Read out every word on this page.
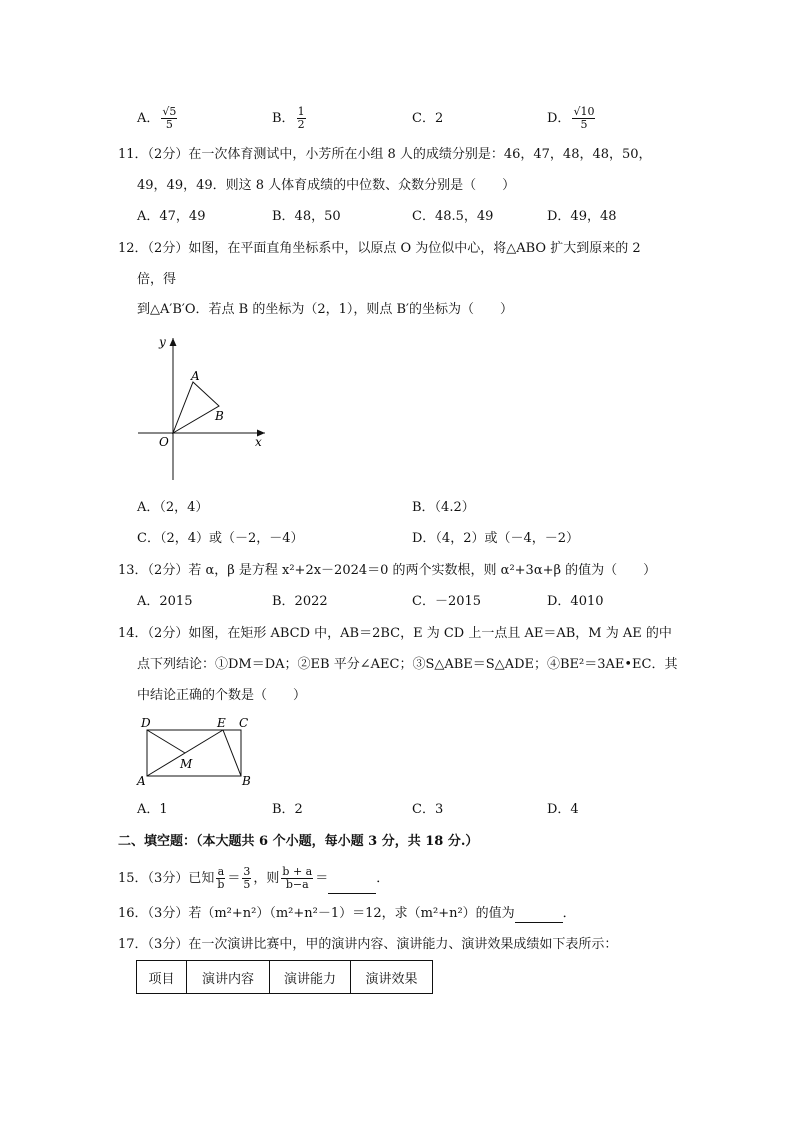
A． $\frac{√5}{5}$	B． $\frac{1}{2}$	C．2	D． $\frac{√10}{5}$
11．（2分）在一次体育测试中，小芳所在小组 8 人的成绩分别是：46，47，48，48，50，
49，49，49．则这 8 人体育成绩的中位数、众数分别是（　　）
A．47，49	B．48，50	C．48.5，49	D．49，48
12．（2分）如图，在平面直角坐标系中，以原点 O 为位似中心，将△ABO 扩大到原来的 2
倍，得
到△A′B′O．若点 B 的坐标为（2，1），则点 B′的坐标为（　　）
y
x
O
A
B
A．（2，4）	B．（4.2）
C．（2，4）或（－2，－4）	D．（4，2）或（－4，－2）
13．（2分）若 α，β 是方程 x²+2x－2024＝0 的两个实数根，则 α²+3α+β 的值为（　　）
A．2015	B．2022	C．－2015	D．4010
14．（2分）如图，在矩形 ABCD 中，AB＝2BC，E 为 CD 上一点且 AE＝AB，M 为 AE 的中
点下列结论：①DM＝DA；②EB 平分∠AEC；③S△ABE＝S△ADE；④BE²＝3AE•EC．其
中结论正确的个数是（　　）
D	E C
M
A	B
A．1	B．2	C．3	D．4
二、填空题：（本大题共 6 个小题，每小题 3 分，共 18 分.）
15．（3分）已知 $\frac{a}{b} = \frac{3}{5}$ ，则 $\frac{b + a}{b-a}$ ＝	．
16．（3分）若（m²+n²）（m²+n²－1）＝12，求（m²+n²）的值为	．
17．（3分）在一次演讲比赛中，甲的演讲内容、演讲能力、演讲效果成绩如下表所示：
项目	演讲内容	演讲能力	演讲效果
